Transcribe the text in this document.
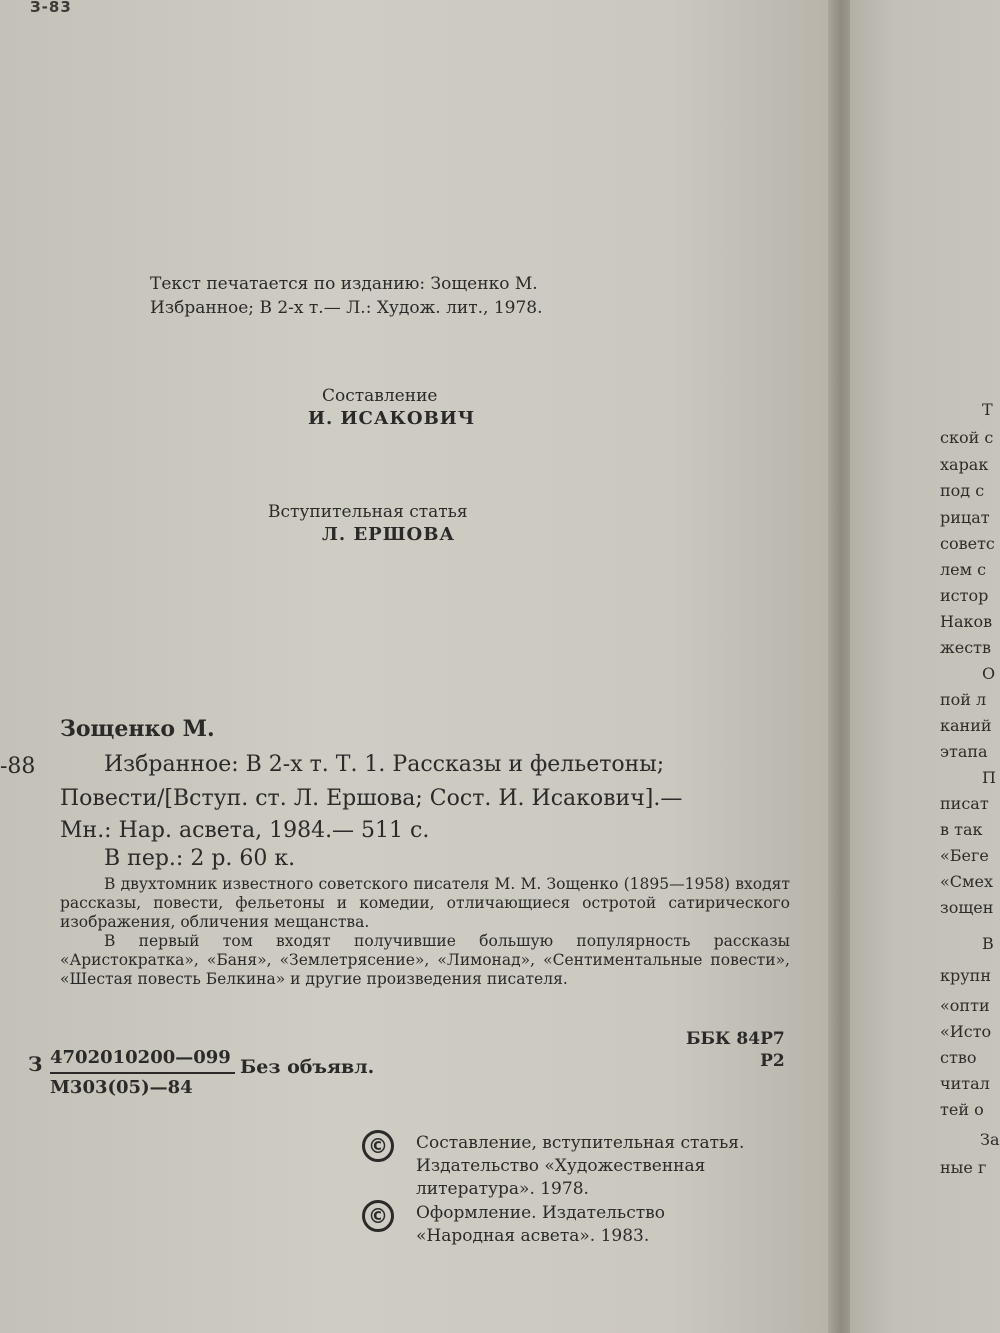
З-83
Текст печатается по изданию: Зощенко М.
Избранное; В 2-х т.— Л.: Худож. лит., 1978.
Составление
И. ИСАКОВИЧ
Вступительная статья
Л. ЕРШОВА
-88
Зощенко М.
Избранное: В 2-х т. Т. 1. Рассказы и фельетоны;
Повести/[Вступ. ст. Л. Ершова; Сост. И. Исакович].—
Мн.: Нар. асвета, 1984.— 511 с.
В пер.: 2 р. 60 к.

В двухтомник известного советского писателя М. М. Зощенко (1895—1958) входят рассказы, повести, фельетоны и комедии, отличающиеся остротой сатирического изображения, обличения мещанства.

В первый том входят получившие большую популярность рассказы «Аристократка», «Баня», «Землетрясение», «Лимонад», «Сентиментальные повести», «Шестая повесть Белкина» и другие произведения писателя.

ББК 84Р7
Р2
З 4702010200—099
М303(05)—84
Без объявл.
©	Составление, вступительная статья.
Издательство «Художественная
литература». 1978.
©	Оформление. Издательство
«Народная асвета». 1983.
Т
ской с
харак
под с
рицат
советс
лем с
истор
Наков
жеств
О
пой л
каний
этапа
П
писат
в так
«Беге
«Смех
зощен
В
крупн
«опти
«Исто
ство
читал
тей о
За
ные г
